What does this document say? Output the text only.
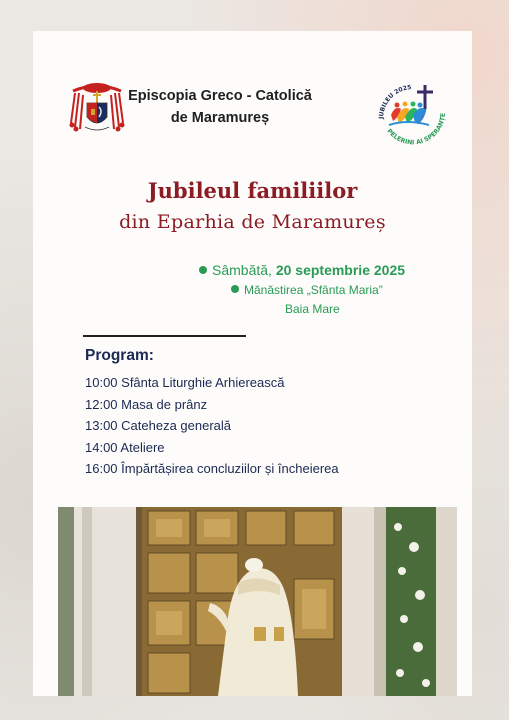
Episcopia Greco - Catolică
de Maramureș	JUBILEU 2025
PELERINI AI SPERANȚE
Jubileul familiilor
din Eparhia de Maramureș
Sâmbătă, 20 septembrie 2025
Mănăstirea „Sfânta Maria”
Baia Mare
Program:
10:00 Sfânta Liturghie Arhierească
12:00 Masa de prânz
13:00 Cateheza generală
14:00 Ateliere
16:00 Împărtășirea concluziilor și încheierea
